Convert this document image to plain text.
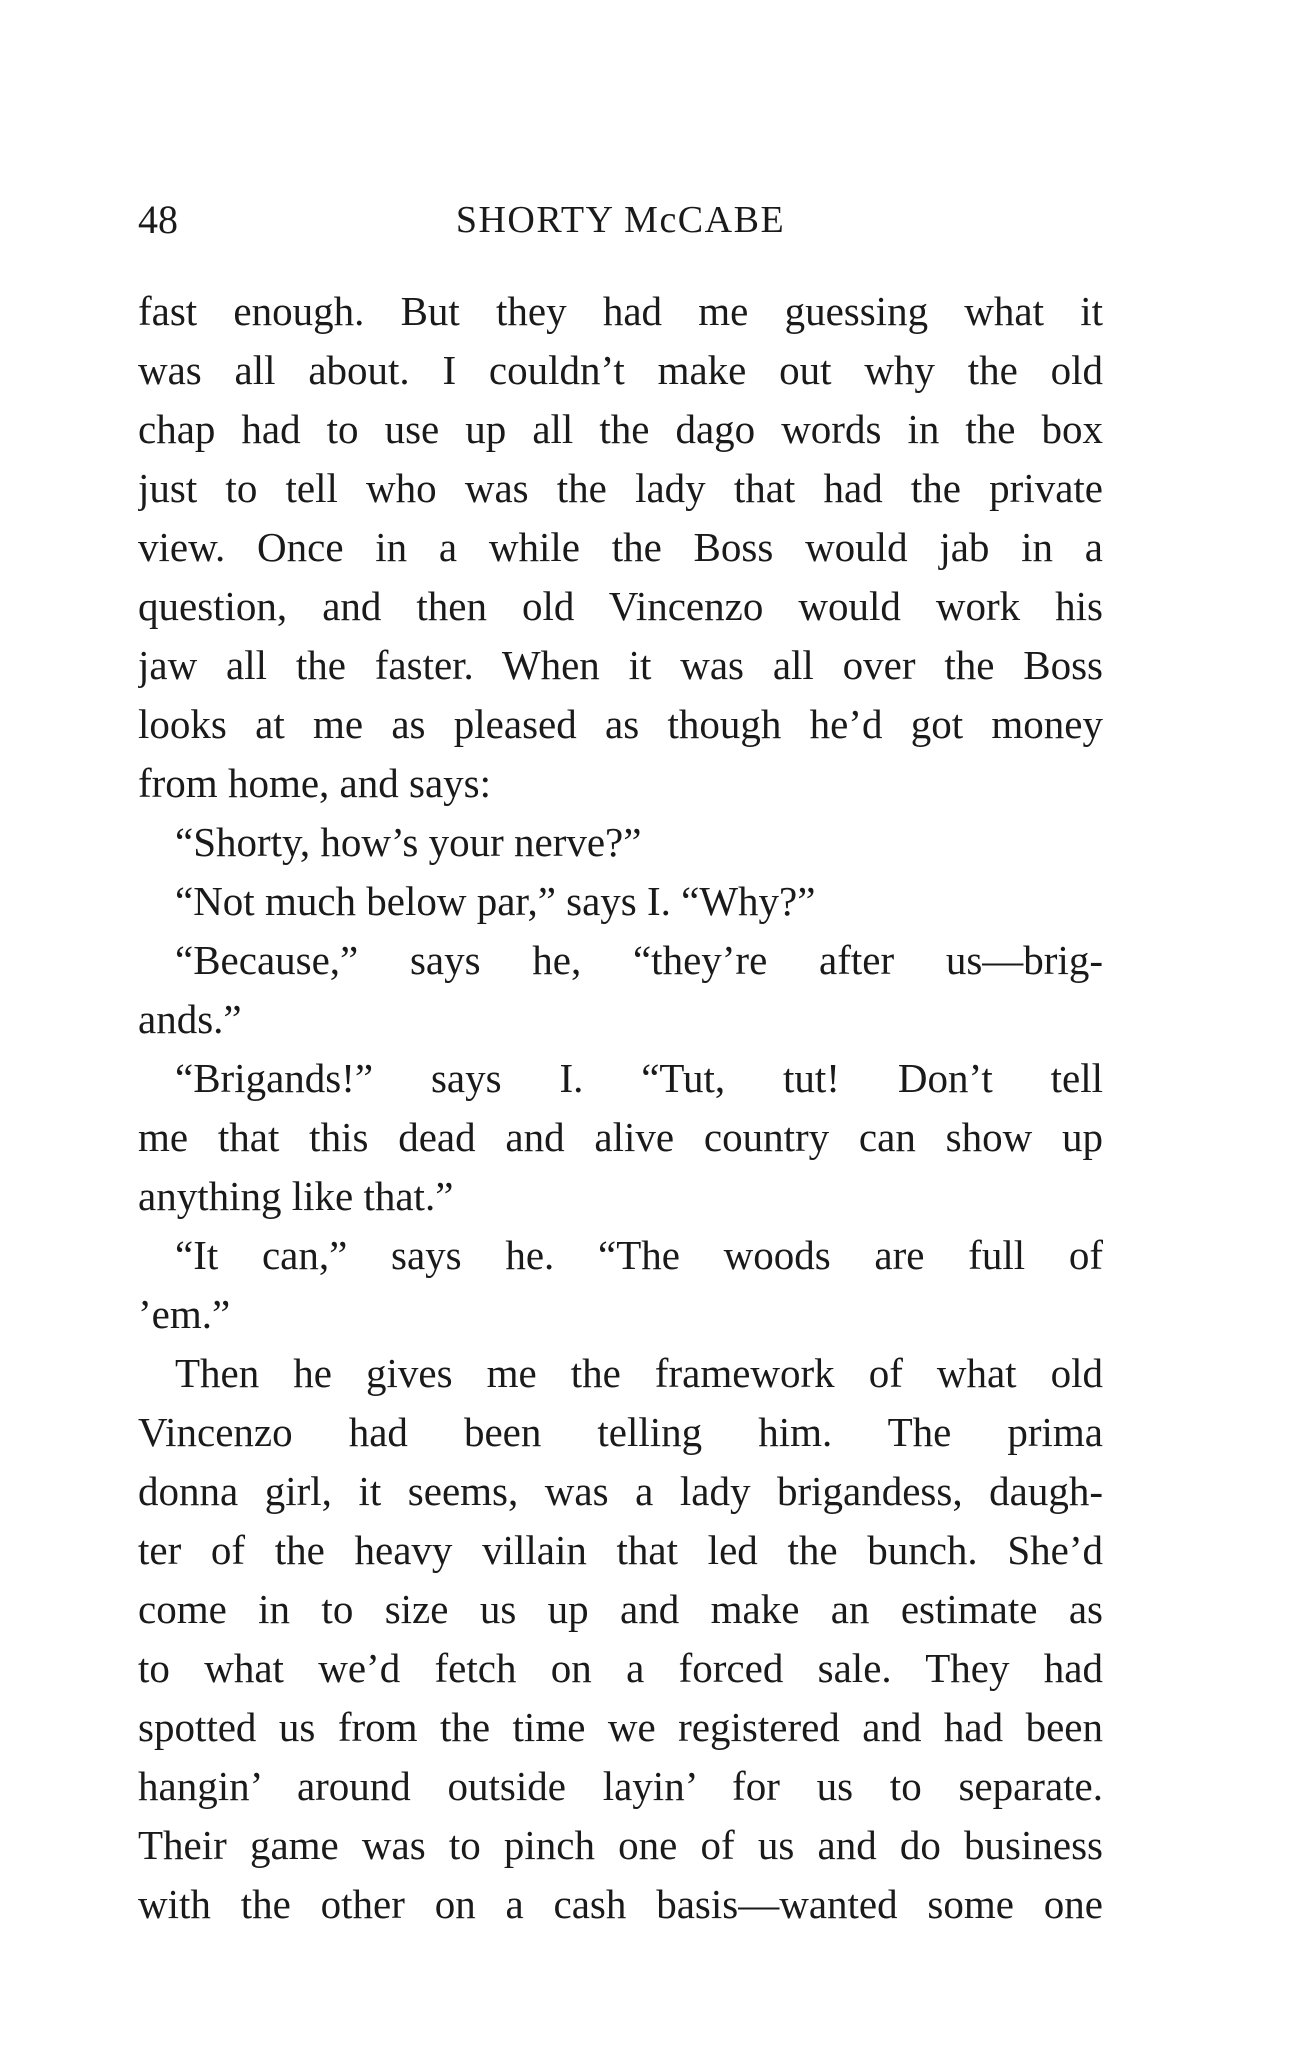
48	SHORTY McCABE
fast enough. But they had me guessing what it
was all about. I couldn’t make out why the old
chap had to use up all the dago words in the box
just to tell who was the lady that had the private
view. Once in a while the Boss would jab in a
question, and then old Vincenzo would work his
jaw all the faster. When it was all over the Boss
looks at me as pleased as though he’d got money
from home, and says:
“Shorty, how’s your nerve?”
“Not much below par,” says I. “Why?”
“Because,” says he, “they’re after us—brig-
ands.”
“Brigands!” says I. “Tut, tut! Don’t tell
me that this dead and alive country can show up
anything like that.”
“It can,” says he. “The woods are full of
’em.”
Then he gives me the framework of what old
Vincenzo had been telling him. The prima
donna girl, it seems, was a lady brigandess, daugh-
ter of the heavy villain that led the bunch. She’d
come in to size us up and make an estimate as
to what we’d fetch on a forced sale. They had
spotted us from the time we registered and had been
hangin’ around outside layin’ for us to separate.
Their game was to pinch one of us and do business
with the other on a cash basis—wanted some one
